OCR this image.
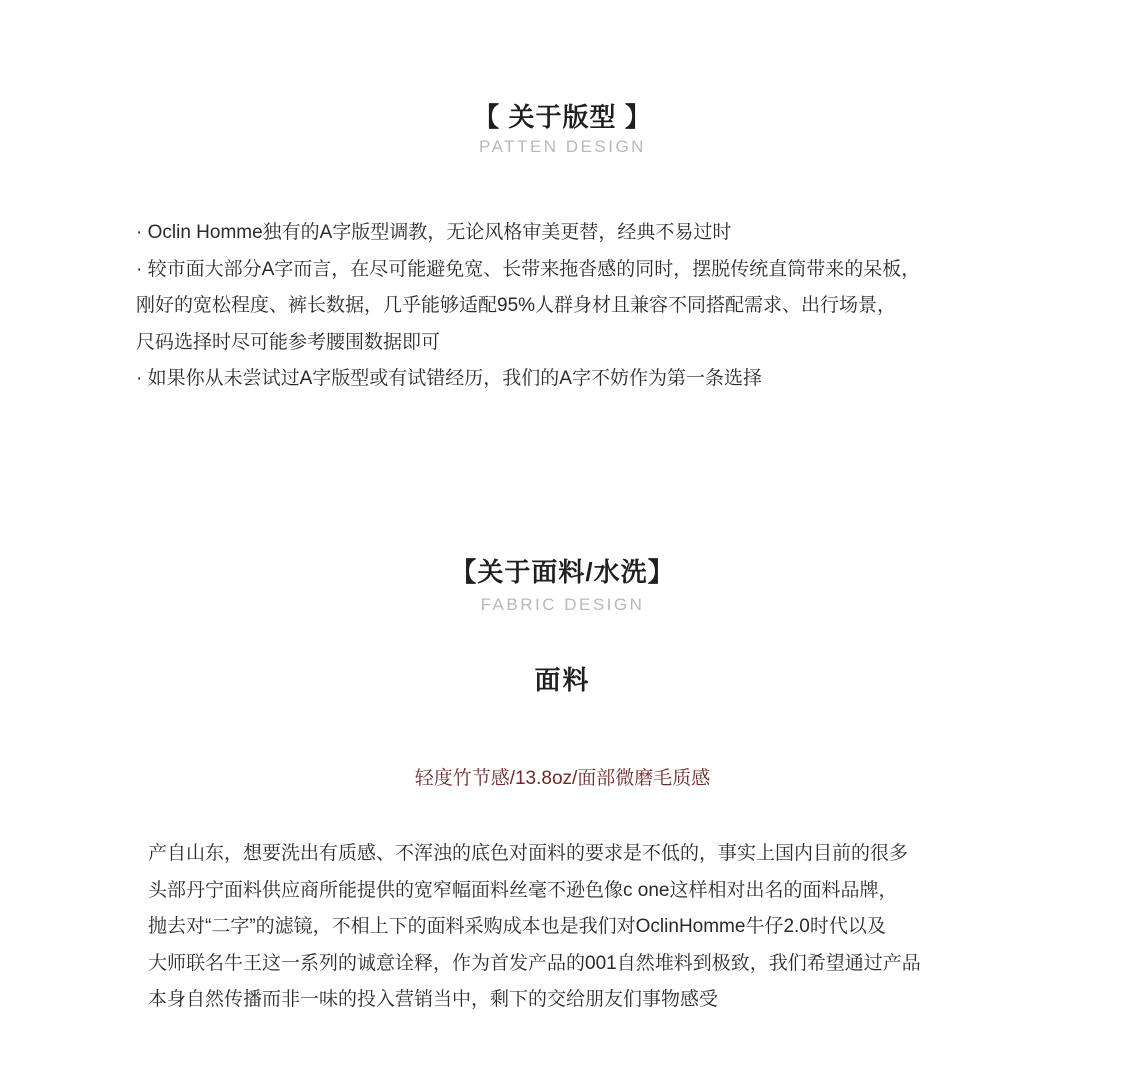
【 关于版型 】
PATTEN DESIGN
· Oclin Homme独有的A字版型调教，无论风格审美更替，经典不易过时
· 较市面大部分A字而言，在尽可能避免宽、长带来拖沓感的同时，摆脱传统直筒带来的呆板，
刚好的宽松程度、裤长数据，几乎能够适配95%人群身材且兼容不同搭配需求、出行场景，
尺码选择时尽可能参考腰围数据即可
· 如果你从未尝试过A字版型或有试错经历，我们的A字不妨作为第一条选择
【关于面料/水洗】
FABRIC DESIGN
面料
轻度竹节感/13.8oz/面部微磨毛质感
产自山东，想要洗出有质感、不浑浊的底色对面料的要求是不低的，事实上国内目前的很多
头部丹宁面料供应商所能提供的宽窄幅面料丝毫不逊色像c one这样相对出名的面料品牌，
抛去对“二字”的滤镜，不相上下的面料采购成本也是我们对OclinHomme牛仔2.0时代以及
大师联名牛王这一系列的诚意诠释，作为首发产品的001自然堆料到极致，我们希望通过产品
本身自然传播而非一味的投入营销当中，剩下的交给朋友们事物感受
